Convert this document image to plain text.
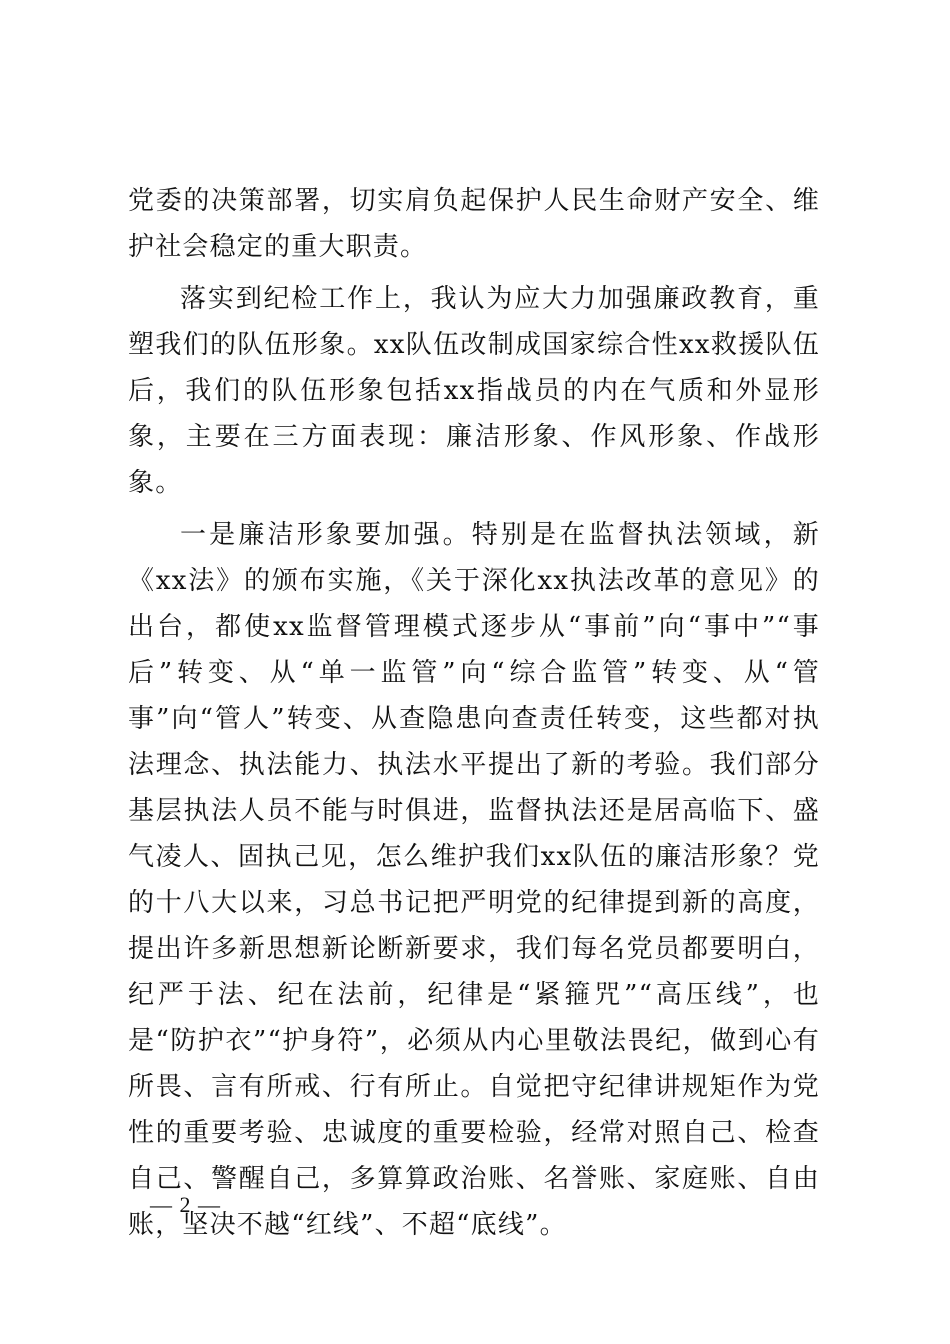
党委的决策部署，切实肩负起保护人民生命财产安全、维护社会稳定的重大职责。

落实到纪检工作上，我认为应大力加强廉政教育，重塑我们的队伍形象。xx队伍改制成国家综合性xx救援队伍后，我们的队伍形象包括xx指战员的内在气质和外显形象，主要在三方面表现：廉洁形象、作风形象、作战形象。

一是廉洁形象要加强。特别是在监督执法领域，新《xx法》的颁布实施，《关于深化xx执法改革的意见》的出台，都使xx监督管理模式逐步从“事前”向“事中”“事后”转变、从“单一监管”向“综合监管”转变、从“管事”向“管人”转变、从查隐患向查责任转变，这些都对执法理念、执法能力、执法水平提出了新的考验。我们部分基层执法人员不能与时俱进，监督执法还是居高临下、盛气凌人、固执己见，怎么维护我们xx队伍的廉洁形象？党的十八大以来，习总书记把严明党的纪律提到新的高度，提出许多新思想新论断新要求，我们每名党员都要明白，纪严于法、纪在法前，纪律是“紧箍咒”“高压线”，也是“防护衣”“护身符”，必须从内心里敬法畏纪，做到心有所畏、言有所戒、行有所止。自觉把守纪律讲规矩作为党性的重要考验、忠诚度的重要检验，经常对照自己、检查自己、警醒自己，多算算政治账、名誉账、家庭账、自由账，坚决不越“红线”、不超“底线”。

— 2 —
